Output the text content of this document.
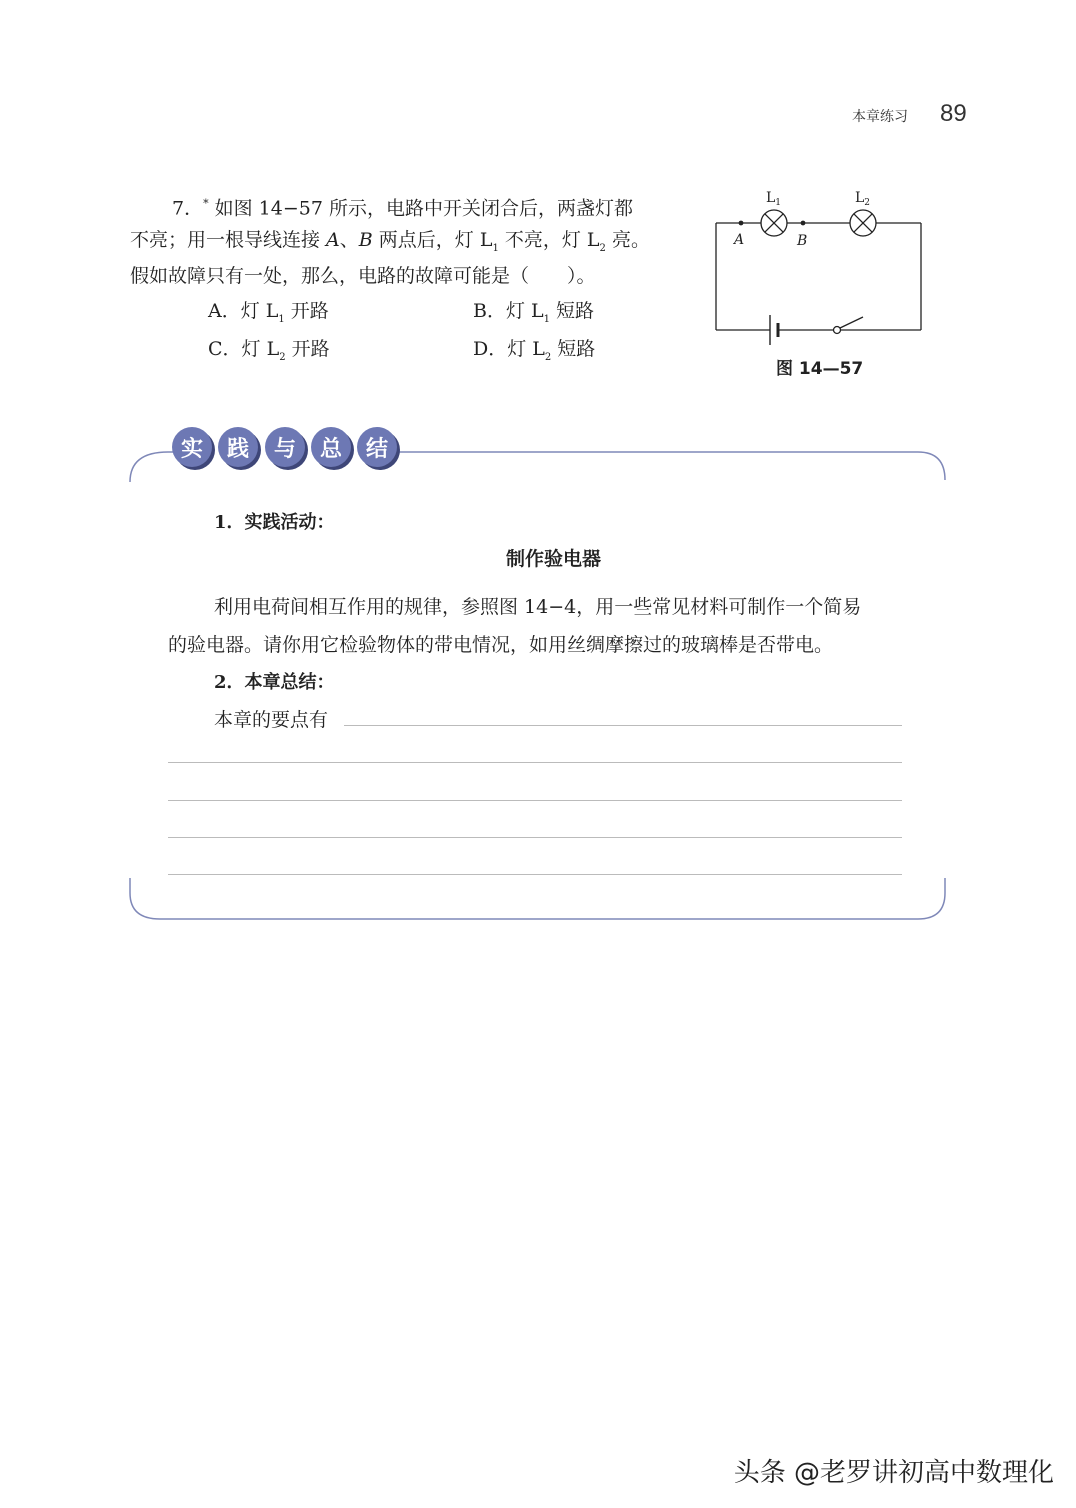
本章练习 89
7．* 如图 14−57 所示，电路中开关闭合后，两盏灯都
不亮；用一根导线连接 A、B 两点后，灯 $L_1$ 不亮，灯 $L_2$ 亮。
假如故障只有一处，那么，电路的故障可能是（　　）。
A．灯 $L_1$ 开路	B．灯 $L_1$ 短路
C．灯 $L_2$ 开路	D．灯 $L_2$ 短路
$L_1$	$L_2$
A	B
图 14—57
实	践	与	总	结
1．实践活动：
制作验电器
利用电荷间相互作用的规律，参照图 14−4，用一些常见材料可制作一个简易
的验电器。请你用它检验物体的带电情况，如用丝绸摩擦过的玻璃棒是否带电。
2．本章总结：
本章的要点有
头条 @老罗讲初高中数理化
